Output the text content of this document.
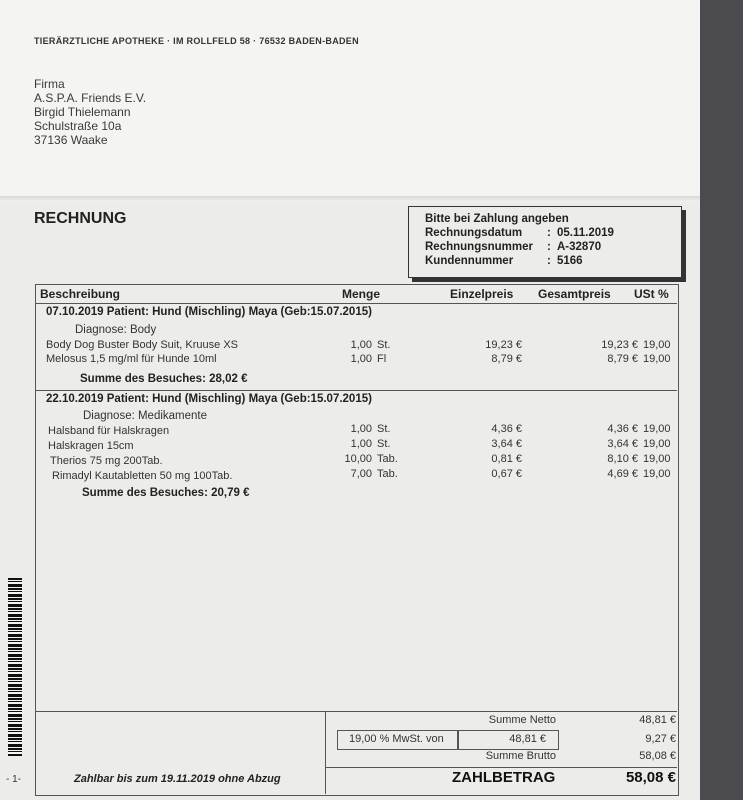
TIERÄRZTLICHE APOTHEKE · IM ROLLFELD 58 · 76532 BADEN-BADEN
Firma
A.S.P.A. Friends E.V.
Birgid Thielemann
Schulstraße 10a
37136 Waake
RECHNUNG	Bitte bei Zahlung angeben
Rechnungsdatum : 05.11.2019
Rechnungsnummer : A-32870
Kundennummer	: 5166
Beschreibung	Menge	Einzelpreis Gesamtpreis USt %
07.10.2019 Patient: Hund (Mischling) Maya (Geb:15.07.2015)
Diagnose: Body
Body Dog Buster Body Suit, Kruuse XS	1,00 St.	19,23 €	19,23 € 19,00
Melosus 1,5 mg/ml für Hunde 10ml	1,00 Fl	8,79 €	8,79 € 19,00
Summe des Besuches: 28,02 €
22.10.2019 Patient: Hund (Mischling) Maya (Geb:15.07.2015)
Diagnose: Medikamente
Halsband für Halskragen	1,00 St.	4,36 €	4,36 € 19,00
Halskragen 15cm	1,00 St.	3,64 €	3,64 € 19,00
Therios 75 mg 200Tab.	10,00 Tab.	0,81 €	8,10 € 19,00
Rimadyl Kautabletten 50 mg 100Tab.	7,00 Tab.	0,67 €	4,69 € 19,00
Summe des Besuches: 20,79 €
- 1-
Summe Netto	48,81 €
19,00 % MwSt. von	48,81 €	9,27 €
Summe Brutto	58,08 €
Zahlbar bis zum 19.11.2019 ohne Abzug	ZAHLBETRAG	58,08 €
